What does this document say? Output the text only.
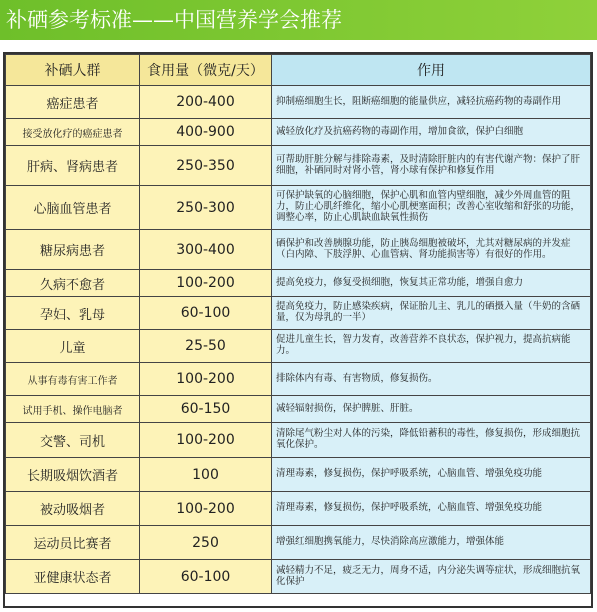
补硒参考标准——中国营养学会推荐
补硒人群	食用量（微克/天）	作用
癌症患者	200-400	抑制癌细胞生长，阻断癌细胞的能量供应，减轻抗癌药物的毒副作用
接受放化疗的癌症患者	400-900	减轻放化疗及抗癌药物的毒副作用，增加食欲，保护白细胞
肝病、肾病患者	250-350	可帮助肝脏分解与排除毒素，及时清除肝脏内的有害代谢产物：保护了肝细胞，补硒同时对肾小管，肾小球有保护和修复作用
心脑血管患者	250-300	可保护缺氧的心脑细胞，保护心肌和血管内壁细胞，减少外周血管的阻力，防止心肌纤维化，缩小心肌梗塞面积；改善心室收缩和舒张的功能，调整心率，防止心肌缺血缺氧性损伤
糖尿病患者	300-400	硒保护和改善胰腺功能，防止胰岛细胞被破坏，尤其对糖尿病的并发症（白内障、下肢浮肿、心血管病、肾功能损害等）有很好的作用。
久病不愈者	100-200	提高免疫力，修复受损细胞，恢复其正常功能，增强自愈力
孕妇、乳母	60-100	提高免疫力，防止感染疾病，保证胎儿主、乳儿的硒摄入量（牛奶的含硒量，仅为母乳的一半）
儿童	25-50	促进儿童生长，智力发育，改善营养不良状态，保护视力，提高抗病能力。
从事有毒有害工作者	100-200	排除体内有毒、有害物质，修复损伤。
试用手机、操作电脑者	60-150	减轻辐射损伤，保护脾脏、肝脏。
交警、司机	100-200	清除尾气粉尘对人体的污染，降低铅蓄积的毒性，修复损伤，形成细胞抗氧化保护。
长期吸烟饮酒者	100	清理毒素，修复损伤，保护呼吸系统，心脑血管、增强免疫功能
被动吸烟者	100-200	清理毒素，修复损伤，保护呼吸系统，心脑血管、增强免疫功能
运动员比赛者	250	增强红细胞携氧能力，尽快消除高应激能力，增强体能
亚健康状态者	60-100	减轻精力不足，疲乏无力，周身不适，内分泌失调等症状，形成细胞抗氧化保护
